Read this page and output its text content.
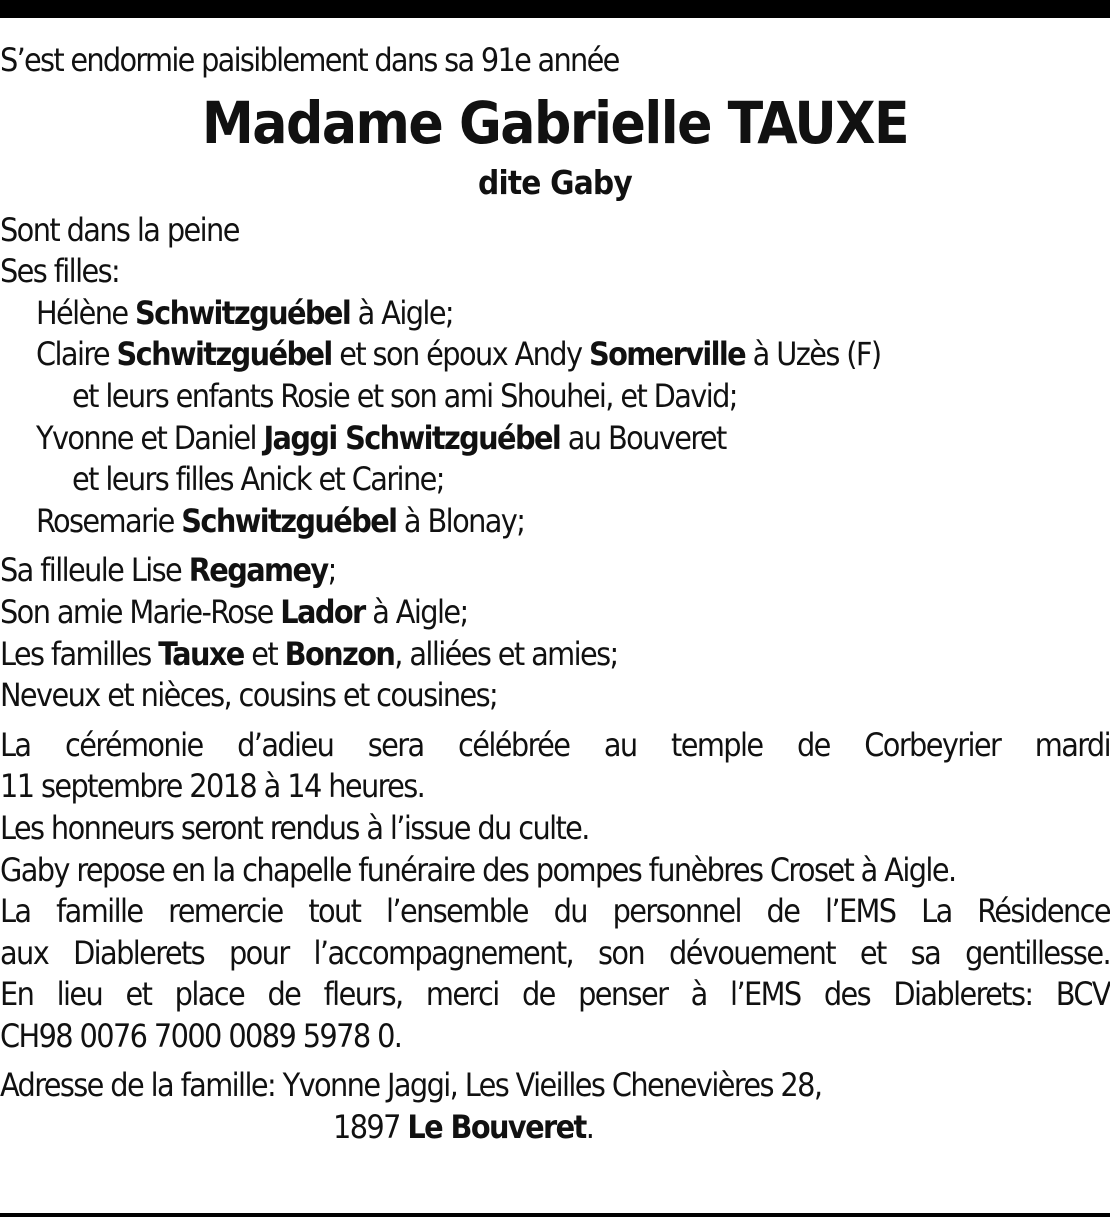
S’est endormie paisiblement dans sa 91e année
Madame Gabrielle TAUXE
dite Gaby
Sont dans la peine
Ses filles:
Hélène Schwitzguébel à Aigle;
Claire Schwitzguébel et son époux Andy Somerville à Uzès (F)
et leurs enfants Rosie et son ami Shouhei, et David;
Yvonne et Daniel Jaggi Schwitzguébel au Bouveret
et leurs filles Anick et Carine;
Rosemarie Schwitzguébel à Blonay;
Sa filleule Lise Regamey;
Son amie Marie-Rose Lador à Aigle;
Les familles Tauxe et Bonzon, alliées et amies;
Neveux et nièces, cousins et cousines;
La cérémonie d’adieu sera célébrée au temple de Corbeyrier mardi
11 septembre 2018 à 14 heures.
Les honneurs seront rendus à l’issue du culte.
Gaby repose en la chapelle funéraire des pompes funèbres Croset à Aigle.
La famille remercie tout l’ensemble du personnel de l’EMS La Résidence
aux Diablerets pour l’accompagnement, son dévouement et sa gentillesse.
En lieu et place de fleurs, merci de penser à l’EMS des Diablerets: BCV
CH98 0076 7000 0089 5978 0.
Adresse de la famille: Yvonne Jaggi, Les Vieilles Chenevières 28,
1897 Le Bouveret.
